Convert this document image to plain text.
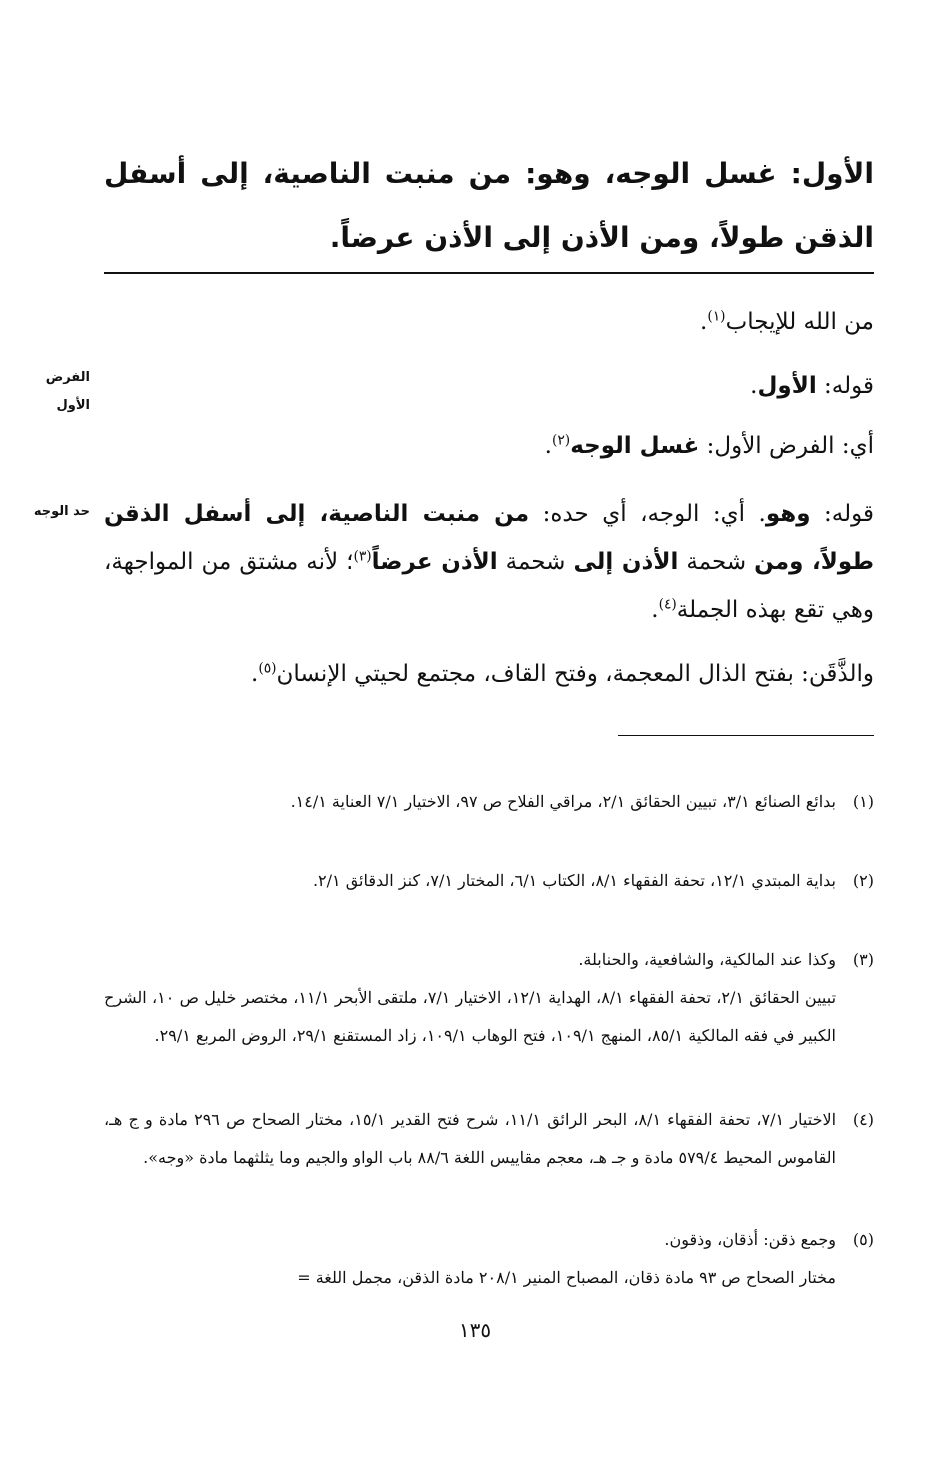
الأول: غسل الوجه، وهو: من منبت الناصية، إلى أسفل الذقن طولاً، ومن الأذن إلى الأذن عرضاً.
من الله للإيجاب$^{(١)}$.
قوله: الأول.
أي: الفرض الأول: غسل الوجه$^{(٢)}$.
قوله: وهو. أي: الوجه، أي حده: من منبت الناصية، إلى أسفل الذقن طولاً، ومن شحمة الأذن إلى شحمة الأذن عرضاً$^{(٣)}$؛ لأنه مشتق من المواجهة، وهي تقع بهذه الجملة$^{(٤)}$.
والذَّقَن: بفتح الذال المعجمة، وفتح القاف، مجتمع لحيتي الإنسان$^{(٥)}$.
الفرض الأول
حد الوجه
(١)
بدائع الصنائع ٣/١، تبيين الحقائق ٢/١، مراقي الفلاح ص ٩٧، الاختيار ٧/١ العناية ١٤/١.
(٢)
بداية المبتدي ١٢/١، تحفة الفقهاء ٨/١، الكتاب ٦/١، المختار ٧/١، كنز الدقائق ٢/١.
(٣)
وكذا عند المالكية، والشافعية، والحنابلة.
تبيين الحقائق ٢/١، تحفة الفقهاء ٨/١، الهداية ١٢/١، الاختيار ٧/١، ملتقى الأبحر ١١/١، مختصر خليل ص ١٠، الشرح الكبير في فقه المالكية ٨٥/١، المنهج ١٠٩/١، فتح الوهاب ١٠٩/١، زاد المستقنع ٢٩/١، الروض المربع ٢٩/١.
(٤)
الاختيار ٧/١، تحفة الفقهاء ٨/١، البحر الرائق ١١/١، شرح فتح القدير ١٥/١، مختار الصحاح ص ٢٩٦ مادة و ج هـ، القاموس المحيط ٥٧٩/٤ مادة و جـ هـ، معجم مقاييس اللغة ٨٨/٦ باب الواو والجيم وما يثلثهما مادة «وجه».
(٥)
وجمع ذقن: أذقان، وذقون.
مختار الصحاح ص ٩٣ مادة ذقان، المصباح المنير ٢٠٨/١ مادة الذقن، مجمل اللغة =
١٣٥
